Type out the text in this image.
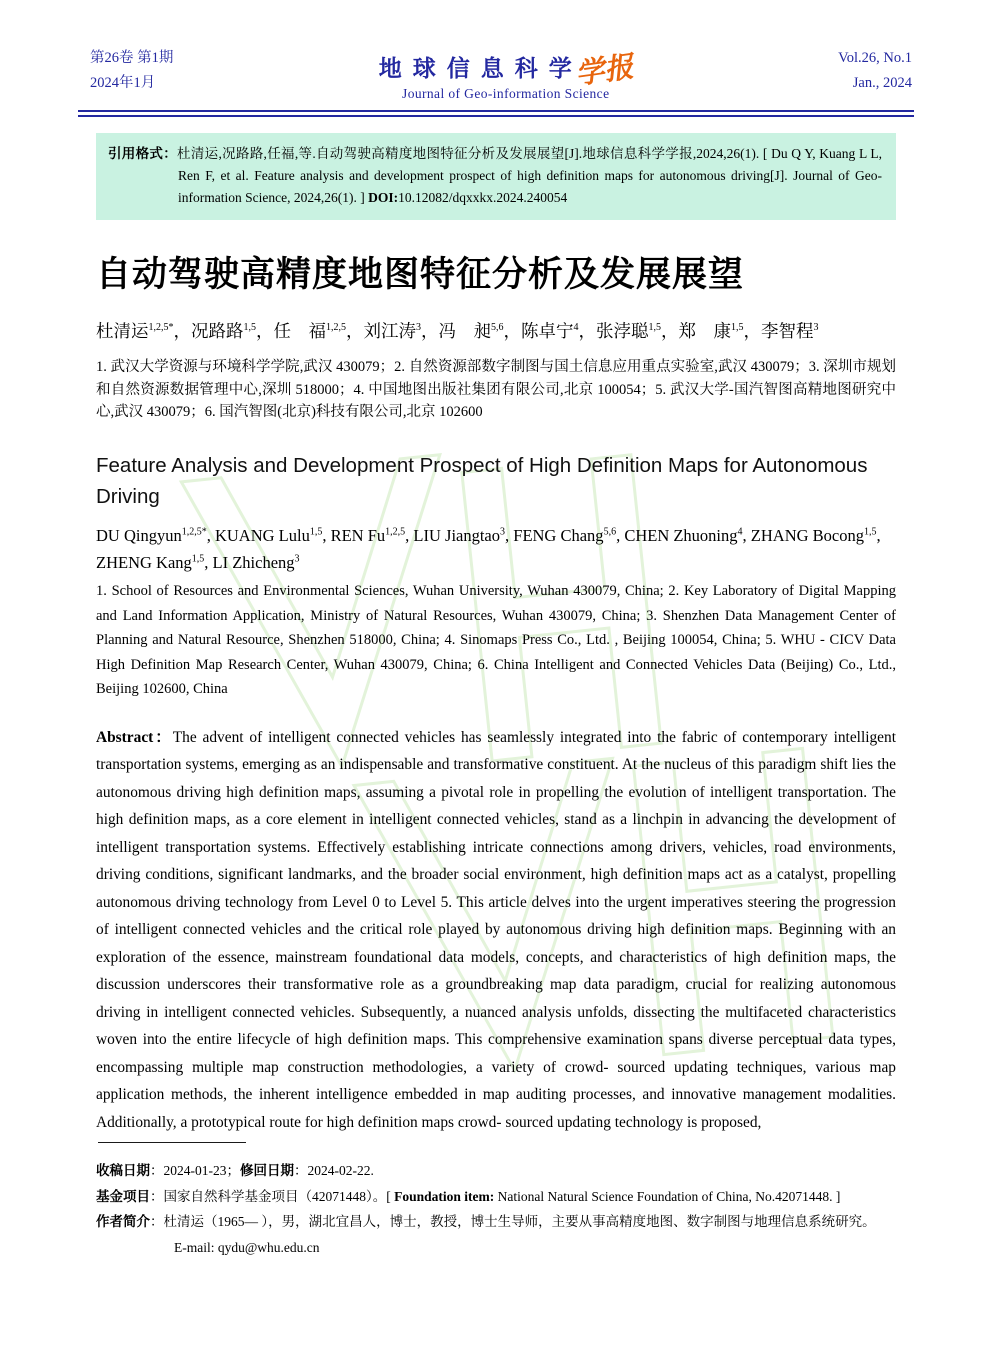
第26卷 第1期
2024年1月
地球信息科学学报
Journal of Geo-information Science
Vol.26, No.1
Jan., 2024

引用格式：杜清运,况路路,任福,等.自动驾驶高精度地图特征分析及发展展望[J].地球信息科学学报,2024,26(1). [ Du Q Y, Kuang L L, Ren F, et al. Feature analysis and development prospect of high definition maps for autonomous driving[J]. Journal of Geo-information Science, 2024,26(1). ] DOI:10.12082/dqxxkx.2024.240054

自动驾驶高精度地图特征分析及发展展望

杜清运$^{1,2,5*}$，况路路$^{1,5}$，任　福$^{1,2,5}$，刘江涛$^3$，冯　昶$^{5,6}$，陈卓宁$^4$，张浡聪$^{1,5}$，郑　康$^{1,5}$，李智程$^3$

1. 武汉大学资源与环境科学学院,武汉 430079；2. 自然资源部数字制图与国土信息应用重点实验室,武汉 430079；3. 深圳市规划和自然资源数据管理中心,深圳 518000；4. 中国地图出版社集团有限公司,北京 100054；5. 武汉大学-国汽智图高精地图研究中心,武汉 430079；6. 国汽智图(北京)科技有限公司,北京 102600

Feature Analysis and Development Prospect of High Definition Maps for Autonomous Driving

DU Qingyun$^{1,2,5*}$, KUANG Lulu$^{1,5}$, REN Fu$^{1,2,5}$, LIU Jiangtao$^3$, FENG Chang$^{5,6}$, CHEN Zhuoning$^4$, ZHANG Bocong$^{1,5}$, ZHENG Kang$^{1,5}$, LI Zhicheng$^3$

1. School of Resources and Environmental Sciences, Wuhan University, Wuhan 430079, China; 2. Key Laboratory of Digital Mapping and Land Information Application, Ministry of Natural Resources, Wuhan 430079, China; 3. Shenzhen Data Management Center of Planning and Natural Resource, Shenzhen 518000, China; 4. Sinomaps Press Co., Ltd. , Beijing 100054, China; 5. WHU - CICV Data High Definition Map Research Center, Wuhan 430079, China; 6. China Intelligent and Connected Vehicles Data (Beijing) Co., Ltd., Beijing 102600, China

Abstract：The advent of intelligent connected vehicles has seamlessly integrated into the fabric of contemporary intelligent transportation systems, emerging as an indispensable and transformative constituent. At the nucleus of this paradigm shift lies the autonomous driving high definition maps, assuming a pivotal role in propelling the evolution of intelligent transportation. The high definition maps, as a core element in intelligent connected vehicles, stand as a linchpin in advancing the development of intelligent transportation systems. Effectively establishing intricate connections among drivers, vehicles, road environments, driving conditions, significant landmarks, and the broader social environment, high definition maps act as a catalyst, propelling autonomous driving technology from Level 0 to Level 5. This article delves into the urgent imperatives steering the progression of intelligent connected vehicles and the critical role played by autonomous driving high definition maps. Beginning with an exploration of the essence, mainstream foundational data models, concepts, and characteristics of high definition maps, the discussion underscores their transformative role as a groundbreaking map data paradigm, crucial for realizing autonomous driving in intelligent connected vehicles. Subsequently, a nuanced analysis unfolds, dissecting the multifaceted characteristics woven into the entire lifecycle of high definition maps. This comprehensive examination spans diverse perceptual data types, encompassing multiple map construction methodologies, a variety of crowd- sourced updating techniques, various map application methods, the inherent intelligence embedded in map auditing processes, and innovative management modalities. Additionally, a prototypical route for high definition maps crowd- sourced updating technology is proposed,

收稿日期：2024-01-23；修回日期：2024-02-22.
基金项目：国家自然科学基金项目（42071448）。[ Foundation item: National Natural Science Foundation of China, No.42071448. ]
作者简介：杜清运（1965— ），男，湖北宜昌人，博士，教授，博士生导师，主要从事高精度地图、数字制图与地理信息系统研究。
E-mail: qydu@whu.edu.cn
